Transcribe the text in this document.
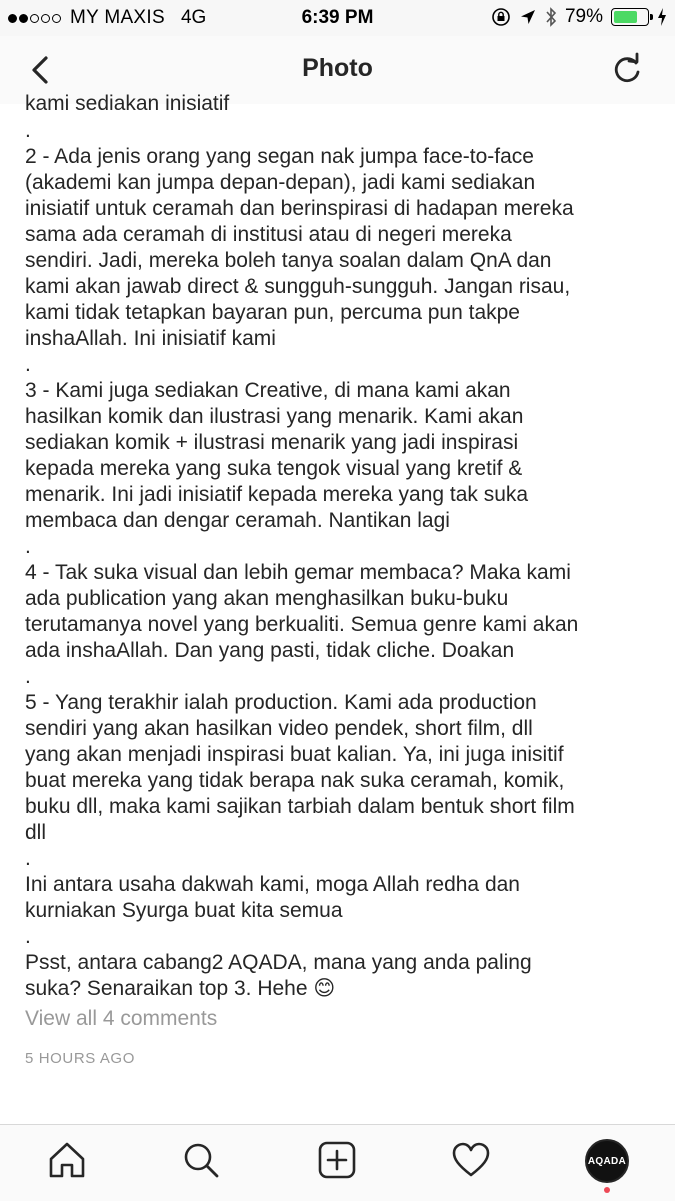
MY MAXIS 4G	6:39 PM	79%
Photo
kami sediakan inisiatif
.

2 - Ada jenis orang yang segan nak jumpa face-to-face
(akademi kan jumpa depan-depan), jadi kami sediakan
inisiatif untuk ceramah dan berinspirasi di hadapan mereka
sama ada ceramah di institusi atau di negeri mereka
sendiri. Jadi, mereka boleh tanya soalan dalam QnA dan
kami akan jawab direct & sungguh-sungguh. Jangan risau,
kami tidak tetapkan bayaran pun, percuma pun takpe
inshaAllah. Ini inisiatif kami

.

3 - Kami juga sediakan Creative, di mana kami akan
hasilkan komik dan ilustrasi yang menarik. Kami akan
sediakan komik + ilustrasi menarik yang jadi inspirasi
kepada mereka yang suka tengok visual yang kretif &
menarik. Ini jadi inisiatif kepada mereka yang tak suka
membaca dan dengar ceramah. Nantikan lagi

.

4 - Tak suka visual dan lebih gemar membaca? Maka kami
ada publication yang akan menghasilkan buku-buku
terutamanya novel yang berkualiti. Semua genre kami akan
ada inshaAllah. Dan yang pasti, tidak cliche. Doakan

.

5 - Yang terakhir ialah production. Kami ada production
sendiri yang akan hasilkan video pendek, short film, dll
yang akan menjadi inspirasi buat kalian. Ya, ini juga inisitif
buat mereka yang tidak berapa nak suka ceramah, komik,
buku dll, maka kami sajikan tarbiah dalam bentuk short film
dll

.

Ini antara usaha dakwah kami, moga Allah redha dan
kurniakan Syurga buat kita semua

.

Psst, antara cabang2 AQADA, mana yang anda paling
suka? Senaraikan top 3. Hehe 😊

View all 4 comments
5 HOURS AGO
AQADA
